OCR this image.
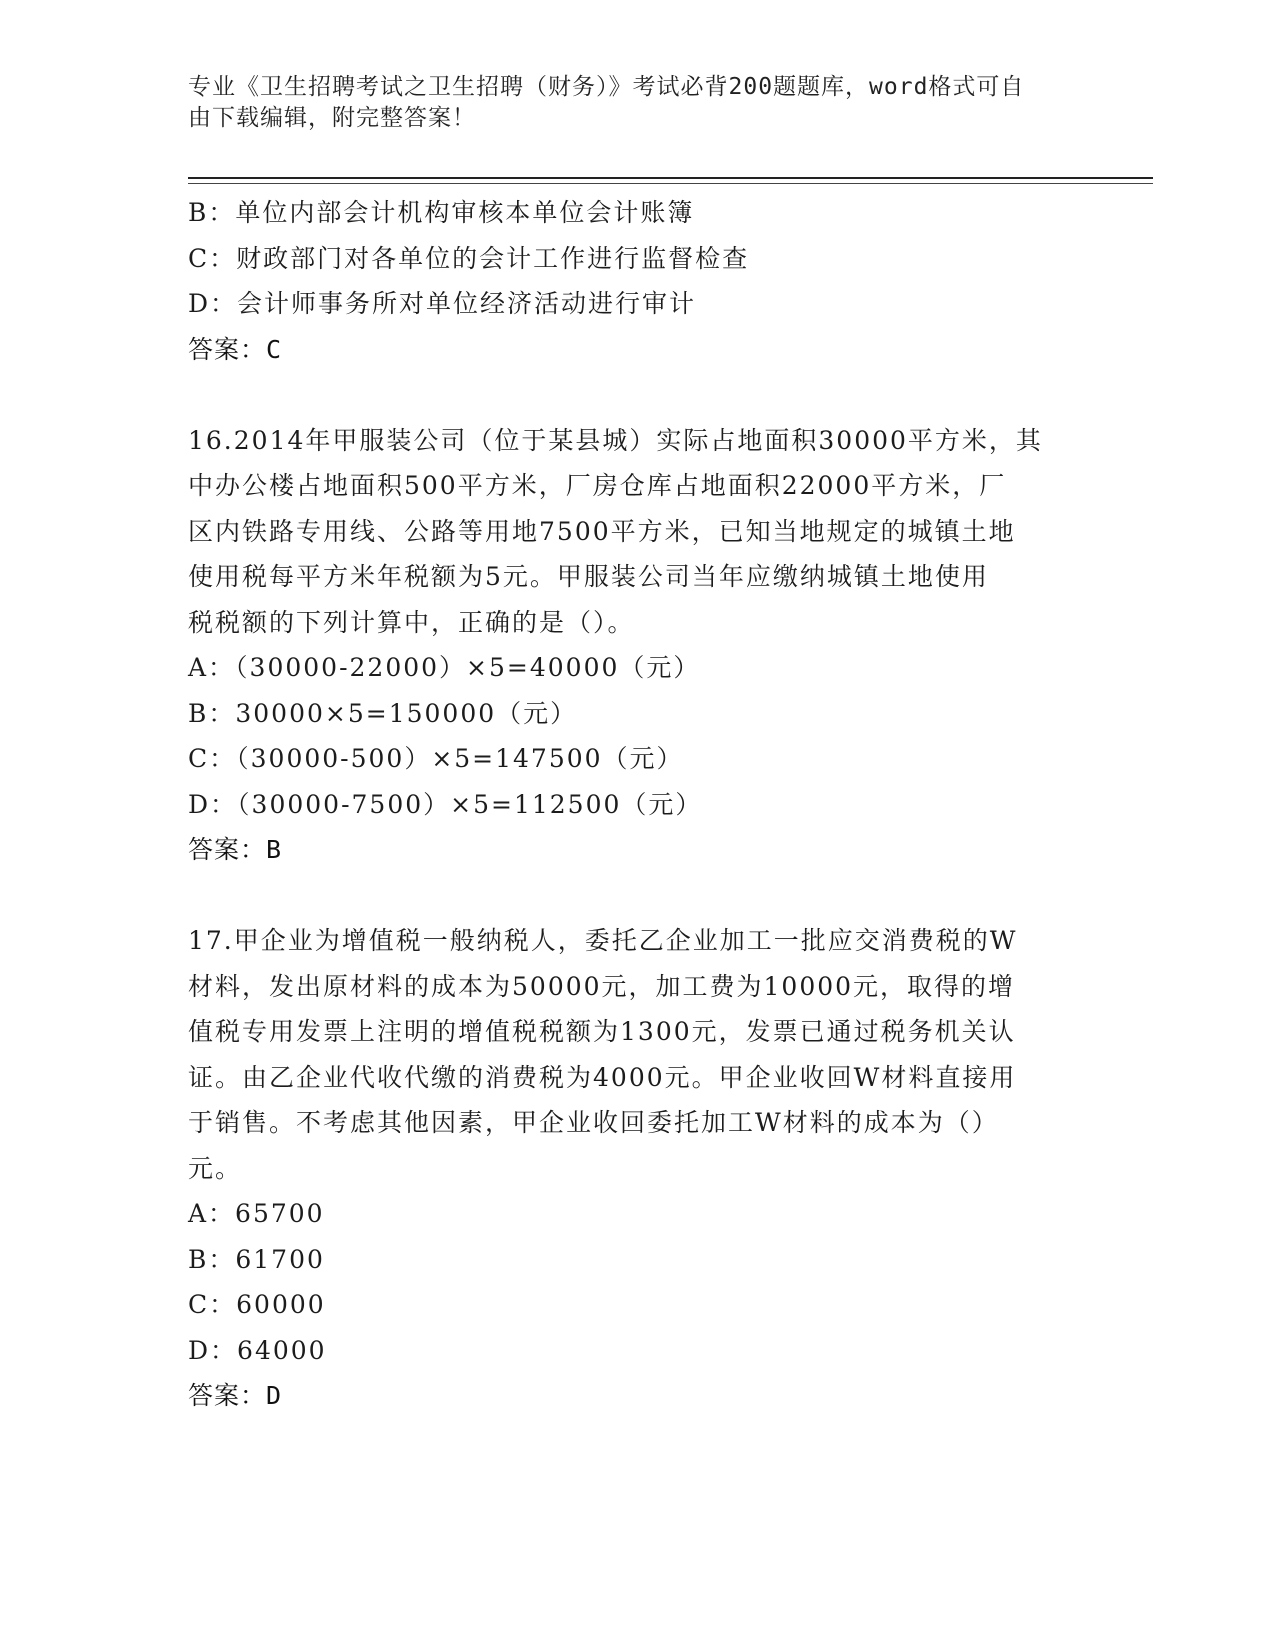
专业《卫生招聘考试之卫生招聘（财务）》考试必背200题题库，word格式可自
由下载编辑，附完整答案！
B：单位内部会计机构审核本单位会计账簿
C：财政部门对各单位的会计工作进行监督检查
D：会计师事务所对单位经济活动进行审计
答案：C
16.2014年甲服装公司（位于某县城）实际占地面积30000平方米，其
中办公楼占地面积500平方米，厂房仓库占地面积22000平方米，厂
区内铁路专用线、公路等用地7500平方米，已知当地规定的城镇土地
使用税每平方米年税额为5元。甲服装公司当年应缴纳城镇土地使用
税税额的下列计算中，正确的是（）。
A：（30000-22000）×5=40000（元）
B：30000×5=150000（元）
C：（30000-500）×5=147500（元）
D：（30000-7500）×5=112500（元）
答案：B
17.甲企业为增值税一般纳税人，委托乙企业加工一批应交消费税的W
材料，发出原材料的成本为50000元，加工费为10000元，取得的增
值税专用发票上注明的增值税税额为1300元，发票已通过税务机关认
证。由乙企业代收代缴的消费税为4000元。甲企业收回W材料直接用
于销售。不考虑其他因素，甲企业收回委托加工W材料的成本为（）
元。
A：65700
B：61700
C：60000
D：64000
答案：D
